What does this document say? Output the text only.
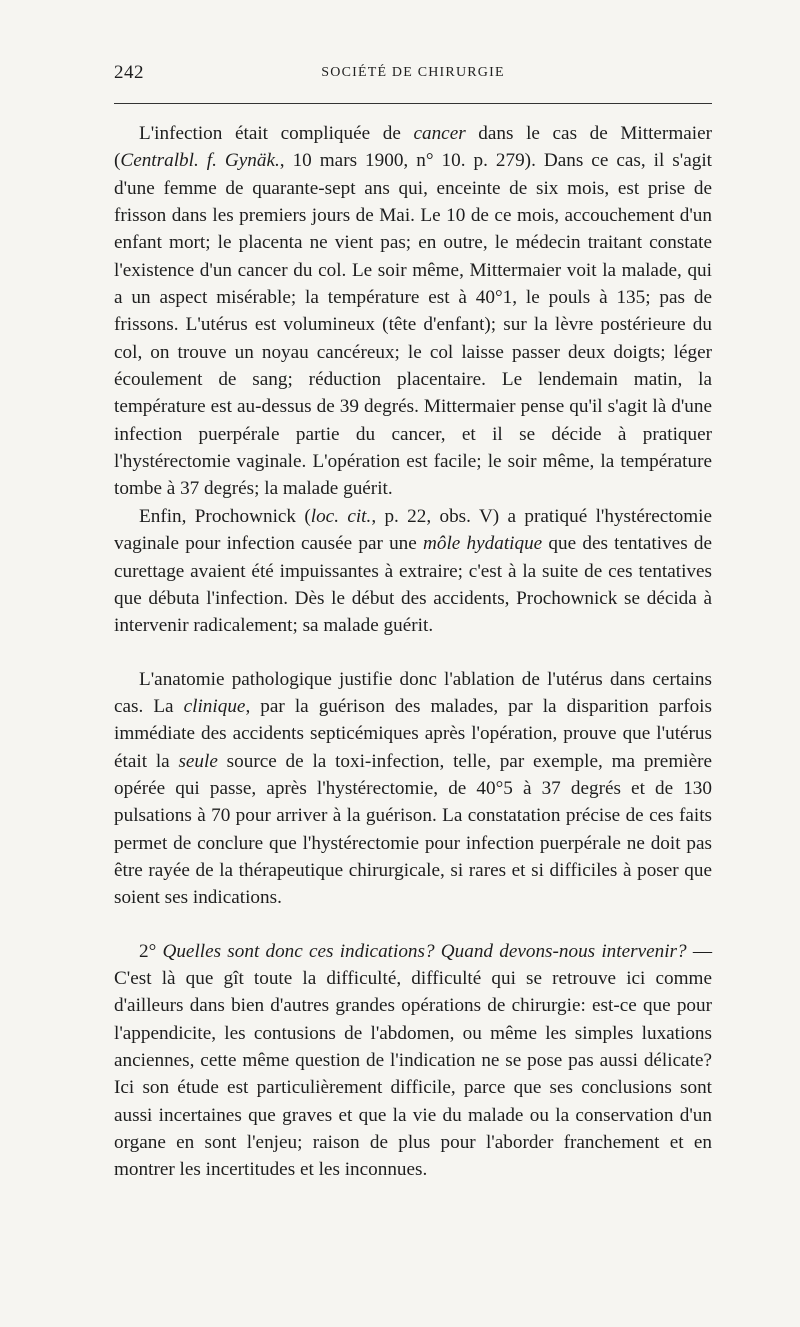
242	SOCIÉTÉ DE CHIRURGIE

L'infection était compliquée de cancer dans le cas de Mittermaier (Centralbl. f. Gynäk., 10 mars 1900, n° 10. p. 279). Dans ce cas, il s'agit d'une femme de quarante-sept ans qui, enceinte de six mois, est prise de frisson dans les premiers jours de Mai. Le 10 de ce mois, accouchement d'un enfant mort; le placenta ne vient pas; en outre, le médecin traitant constate l'existence d'un cancer du col. Le soir même, Mittermaier voit la malade, qui a un aspect misérable; la température est à 40°1, le pouls à 135; pas de frissons. L'utérus est volumineux (tête d'enfant); sur la lèvre postérieure du col, on trouve un noyau cancéreux; le col laisse passer deux doigts; léger écoulement de sang; réduction placentaire. Le lendemain matin, la température est au-dessus de 39 degrés. Mittermaier pense qu'il s'agit là d'une infection puerpérale partie du cancer, et il se décide à pratiquer l'hystérectomie vaginale. L'opération est facile; le soir même, la température tombe à 37 degrés; la malade guérit.

Enfin, Prochownick (loc. cit., p. 22, obs. V) a pratiqué l'hystérectomie vaginale pour infection causée par une môle hydatique que des tentatives de curettage avaient été impuissantes à extraire; c'est à la suite de ces tentatives que débuta l'infection. Dès le début des accidents, Prochownick se décida à intervenir radicalement; sa malade guérit.

L'anatomie pathologique justifie donc l'ablation de l'utérus dans certains cas. La clinique, par la guérison des malades, par la disparition parfois immédiate des accidents septicémiques après l'opération, prouve que l'utérus était la seule source de la toxi-infection, telle, par exemple, ma première opérée qui passe, après l'hystérectomie, de 40°5 à 37 degrés et de 130 pulsations à 70 pour arriver à la guérison. La constatation précise de ces faits permet de conclure que l'hystérectomie pour infection puerpérale ne doit pas être rayée de la thérapeutique chirurgicale, si rares et si difficiles à poser que soient ses indications.

2° Quelles sont donc ces indications? Quand devons-nous intervenir? — C'est là que gît toute la difficulté, difficulté qui se retrouve ici comme d'ailleurs dans bien d'autres grandes opérations de chirurgie: est-ce que pour l'appendicite, les contusions de l'abdomen, ou même les simples luxations anciennes, cette même question de l'indication ne se pose pas aussi délicate? Ici son étude est particulièrement difficile, parce que ses conclusions sont aussi incertaines que graves et que la vie du malade ou la conservation d'un organe en sont l'enjeu; raison de plus pour l'aborder franchement et en montrer les incertitudes et les inconnues.
